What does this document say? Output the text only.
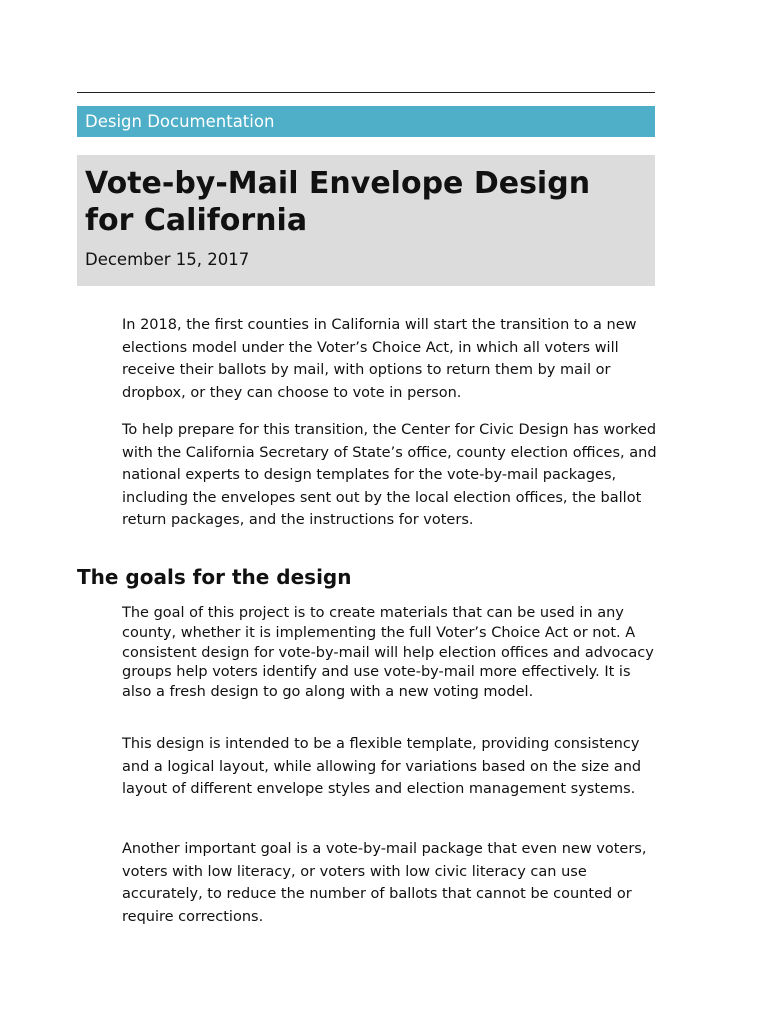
Design Documentation
Vote-by-Mail Envelope Design for California
December 15, 2017

In 2018, the first counties in California will start the transition to a new elections model under the Voter’s Choice Act, in which all voters will receive their ballots by mail, with options to return them by mail or dropbox, or they can choose to vote in person.

To help prepare for this transition, the Center for Civic Design has worked with the California Secretary of State’s office, county election offices, and national experts to design templates for the vote-by-mail packages, including the envelopes sent out by the local election offices, the ballot return packages, and the instructions for voters.

The goals for the design

The goal of this project is to create materials that can be used in any county, whether it is implementing the full Voter’s Choice Act or not. A consistent design for vote-by-mail will help election offices and advocacy groups help voters identify and use vote-by-mail more effectively. It is also a fresh design to go along with a new voting model.

This design is intended to be a flexible template, providing consistency and a logical layout, while allowing for variations based on the size and layout of different envelope styles and election management systems.

Another important goal is a vote-by-mail package that even new voters, voters with low literacy, or voters with low civic literacy can use accurately, to reduce the number of ballots that cannot be counted or require corrections.
